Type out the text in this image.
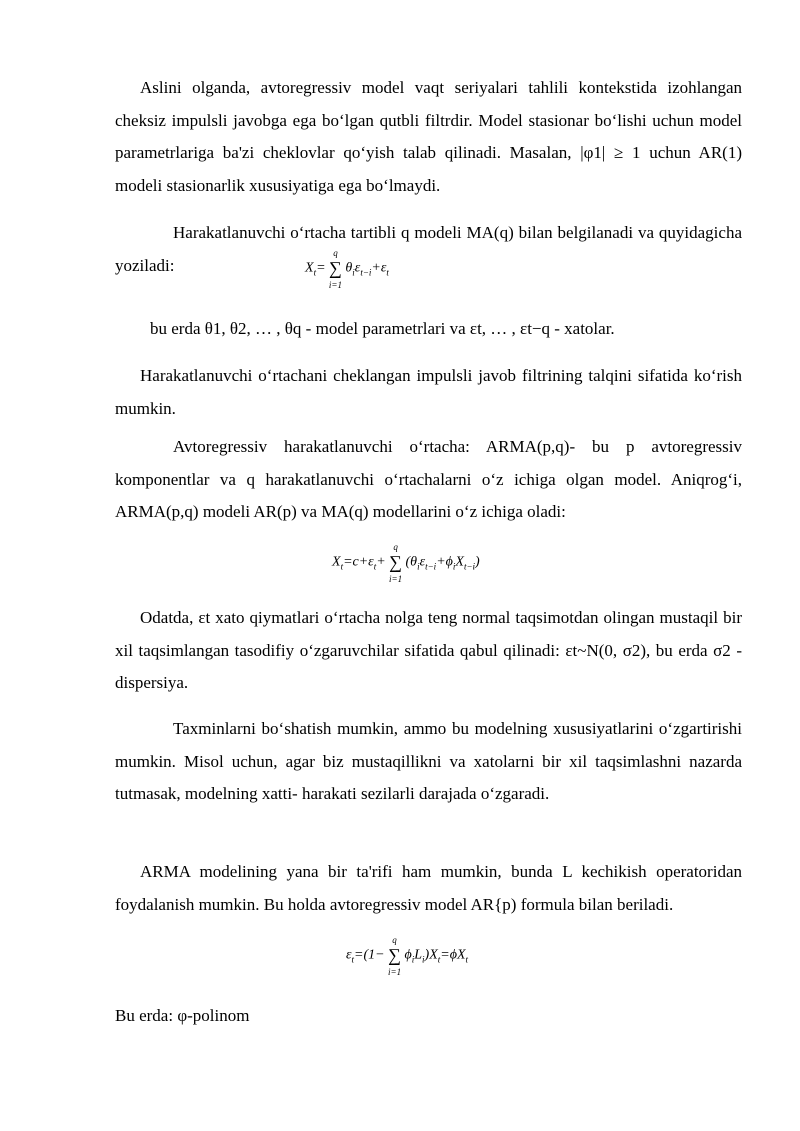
Aslini olganda, avtoregressiv model vaqt seriyalari tahlili kontekstida izohlangan cheksiz impulsli javobga ega bo‘lgan qutbli filtrdir. Model stasionar bo‘lishi uchun model parametrlariga ba'zi cheklovlar qo‘yish talab qilinadi. Masalan, |φ1| ≥ 1 uchun AR(1) modeli stasionarlik xususiyatiga ega bo‘lmaydi.

Harakatlanuvchi o‘rtacha tartibli q modeli MA(q) bilan belgilanadi va quyidagicha yoziladi:	$X_t=$ ∑
q
i=1
$\theta_i\varepsilon_{t-i}+\varepsilon_t$

bu erda θ1, θ2, … , θq - model parametrlari va εt, … , εt−q - xatolar.

Harakatlanuvchi o‘rtachani cheklangan impulsli javob filtrining talqini sifatida ko‘rish mumkin.

Avtoregressiv harakatlanuvchi o‘rtacha: ARMA(p,q)- bu p avtoregressiv komponentlar va q harakatlanuvchi o‘rtachalarni o‘z ichiga olgan model. Aniqrog‘i, ARMA(p,q) modeli AR(p) va MA(q) modellarini o‘z ichiga oladi:

$X_t=c+\varepsilon_t+$ ∑
q
i=1
$(\theta_i\varepsilon_{t-i}+\phi_iX_{t-i})$

Odatda, εt xato qiymatlari o‘rtacha nolga teng normal taqsimotdan olingan mustaqil bir xil taqsimlangan tasodifiy o‘zgaruvchilar sifatida qabul qilinadi: εt~N(0, σ2), bu erda σ2 - dispersiya.

Taxminlarni bo‘shatish mumkin, ammo bu modelning xususiyatlarini o‘zgartirishi mumkin. Misol uchun, agar biz mustaqillikni va xatolarni bir xil taqsimlashni nazarda tutmasak, modelning xatti- harakati sezilarli darajada o‘zgaradi.

ARMA modelining yana bir ta'rifi ham mumkin, bunda L kechikish operatoridan foydalanish mumkin. Bu holda avtoregressiv model AR{p) formula bilan beriladi.

$\varepsilon_t=(1-$ ∑
q
i=1
$\phi_iL_i)X_t=\phi X_t$

Bu erda: φ-polinom
